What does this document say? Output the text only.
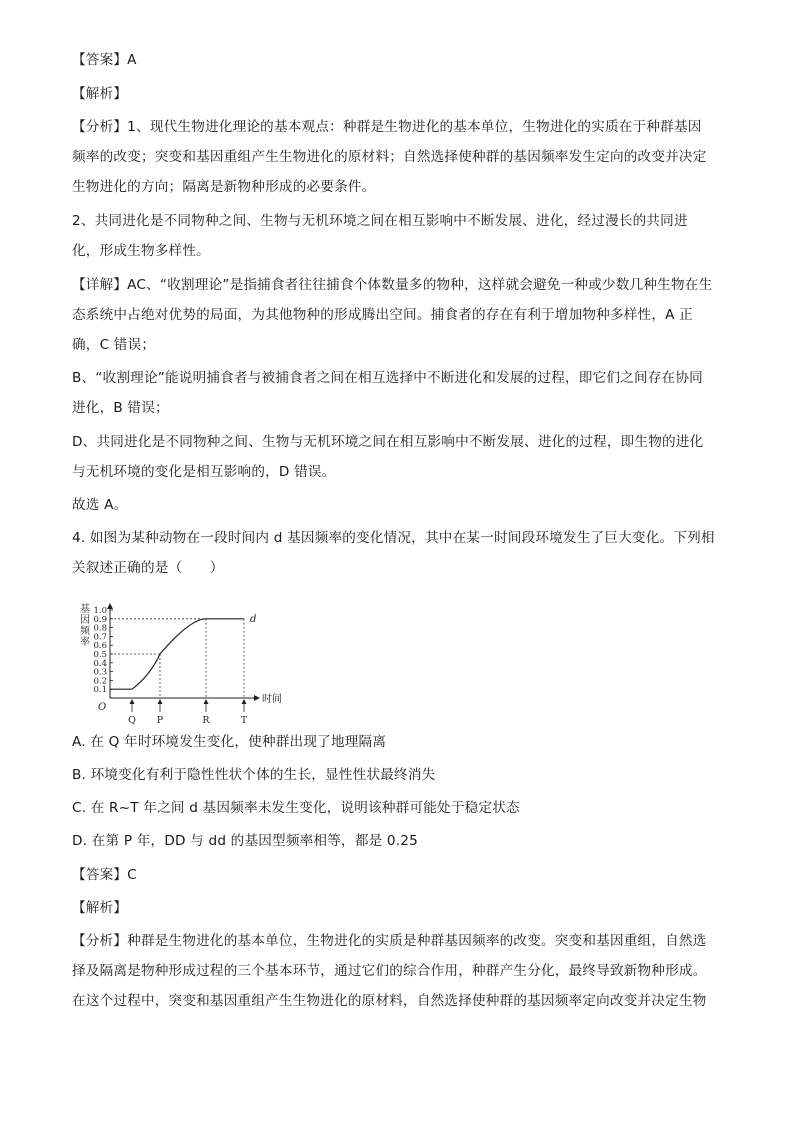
【答案】A
【解析】
【分析】1、现代生物进化理论的基本观点：种群是生物进化的基本单位，生物进化的实质在于种群基因
频率的改变；突变和基因重组产生生物进化的原材料；自然选择使种群的基因频率发生定向的改变并决定
生物进化的方向；隔离是新物种形成的必要条件。
2、共同进化是不同物种之间、生物与无机环境之间在相互影响中不断发展、进化，经过漫长的共同进
化，形成生物多样性。
【详解】AC、“收割理论”是指捕食者往往捕食个体数量多的物种，这样就会避免一种或少数几种生物在生
态系统中占绝对优势的局面，为其他物种的形成腾出空间。捕食者的存在有利于增加物种多样性，A 正
确，C 错误；
B、“收割理论”能说明捕食者与被捕食者之间在相互选择中不断进化和发展的过程，即它们之间存在协同
进化，B 错误；
D、共同进化是不同物种之间、生物与无机环境之间在相互影响中不断发展、进化的过程，即生物的进化
与无机环境的变化是相互影响的，D 错误。
故选 A。
4. 如图为某种动物在一段时间内 d 基因频率的变化情况，其中在某一时间段环境发生了巨大变化。下列相
关叙述正确的是（　　）
A. 在 Q 年时环境发生变化，使种群出现了地理隔离
B. 环境变化有利于隐性性状个体的生长，显性性状最终消失
C. 在 R~T 年之间 d 基因频率未发生变化，说明该种群可能处于稳定状态
D. 在第 P 年，DD 与 dd 的基因型频率相等，都是 0.25
【答案】C
【解析】
【分析】种群是生物进化的基本单位，生物进化的实质是种群基因频率的改变。突变和基因重组，自然选
择及隔离是物种形成过程的三个基本环节，通过它们的综合作用，种群产生分化，最终导致新物种形成。
在这个过程中，突变和基因重组产生生物进化的原材料，自然选择使种群的基因频率定向改变并决定生物
基
因
频
率
0.1
0.2
0.3
0.4
0.5
0.6
0.7
0.8
0.9
1.0
Q P	R	T
d
时间
O
